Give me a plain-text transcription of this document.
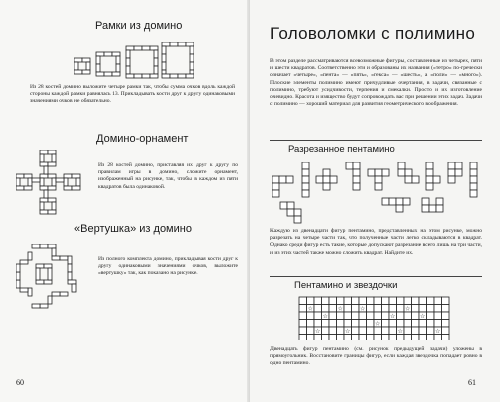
Рамки из домино
Из 28 костей домино выложите четыре рамки так, чтобы сумма очков вдоль каждой стороны каждой рамки равнялась 13. Прикладывать кости друг к другу одинаковыми значениями очков не обязательно.
Домино-орнамент
Из 28 костей домино, приставляя их друг к другу по правилам игры в домино, сложите орнамент, изображенный на рисунке, так, чтобы в каждом из пяти квадратов была одинаковой.
«Вертушка» из домино
Из полного комплекта домино, прикладывая кости друг к другу одинаковыми значениями очков, выложите «вертушку» так, как показано на рисунке.
60
Головоломки с полимино
В этом разделе рассматриваются всевозможные фигуры, составленные из четырех, пяти и шести квадратов. Соответственно эти и образованы их названия («тетро» по-гречески означает «четыре», «пента» — «пять», «гекса» — «шесть», а «поли» — «много»). Плоские элементы полимино имеют причудливые очертания, в задачи, связанные с полимино, требуют усидчивости, терпения и смекалки. Просто и их изготовление очевидно. Красота и изящество будут сопровождать вас при решении этих задач. Задачи с полимино — хороший материал для развития геометрического воображения.
Разрезанное пентамино
Каждую из двенадцати фигур пентамино, представленных на этом рисунке, можно разрезать на четыре части так, что полученные части легко складываются в квадрат. Однако среди фигур есть такие, которые допускают разрезание всего лишь на три части, и из этих частей также можно сложить квадрат. Найдите их.
Пентамино и звездочки
☆	☆	☆	☆
☆	☆	☆
☆
☆	☆	☆	☆
Двенадцать фигур пентамино (см. рисунок предыдущей задачи) уложены в прямоугольник. Восстановите границы фигур, если каждая звездочка попадает ровно в одно пентамино.
61
